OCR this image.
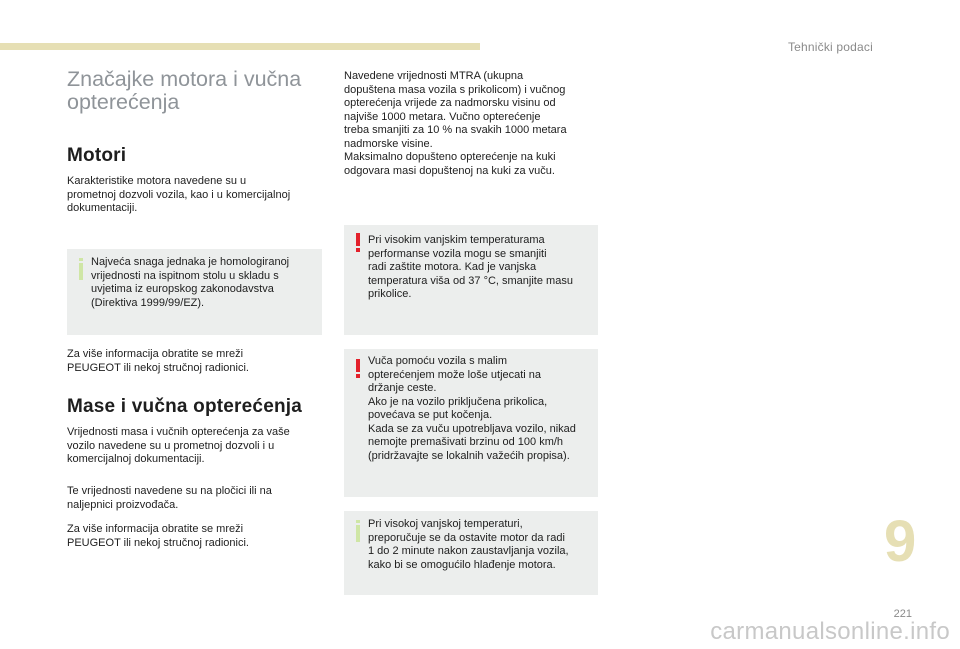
Tehnički podaci
Značajke motora i vučna
opterećenja
Motori

Karakteristike motora navedene su u
prometnoj dozvoli vozila, kao i u komercijalnoj
dokumentaciji.

Najveća snaga jednaka je homologiranoj
vrijednosti na ispitnom stolu u skladu s
uvjetima iz europskog zakonodavstva
(Direktiva 1999/99/EZ).

Za više informacija obratite se mreži
PEUGEOT ili nekoj stručnoj radionici.

Mase i vučna opterećenja

Vrijednosti masa i vučnih opterećenja za vaše
vozilo navedene su u prometnoj dozvoli i u
komercijalnoj dokumentaciji.

Te vrijednosti navedene su na pločici ili na
naljepnici proizvođača.

Za više informacija obratite se mreži
PEUGEOT ili nekoj stručnoj radionici.

Navedene vrijednosti MTRA (ukupna
dopuštena masa vozila s prikolicom) i vučnog
opterećenja vrijede za nadmorsku visinu od
najviše 1000 metara. Vučno opterećenje
treba smanjiti za 10 % na svakih 1000 metara
nadmorske visine.
Maksimalno dopušteno opterećenje na kuki
odgovara masi dopuštenoj na kuki za vuču.

Pri visokim vanjskim temperaturama
performanse vozila mogu se smanjiti
radi zaštite motora. Kad je vanjska
temperatura viša od 37 °C, smanjite masu
prikolice.

Vuča pomoću vozila s malim
opterećenjem može loše utjecati na
držanje ceste.
Ako je na vozilo priključena prikolica,
povećava se put kočenja.
Kada se za vuču upotrebljava vozilo, nikad
nemojte premašivati brzinu od 100 km/h
(pridržavajte se lokalnih važećih propisa).

Pri visokoj vanjskoj temperaturi,
preporučuje se da ostavite motor da radi
1 do 2 minute nakon zaustavljanja vozila,
kako bi se omogućilo hlađenje motora.	9
221
carmanualsonline.info
